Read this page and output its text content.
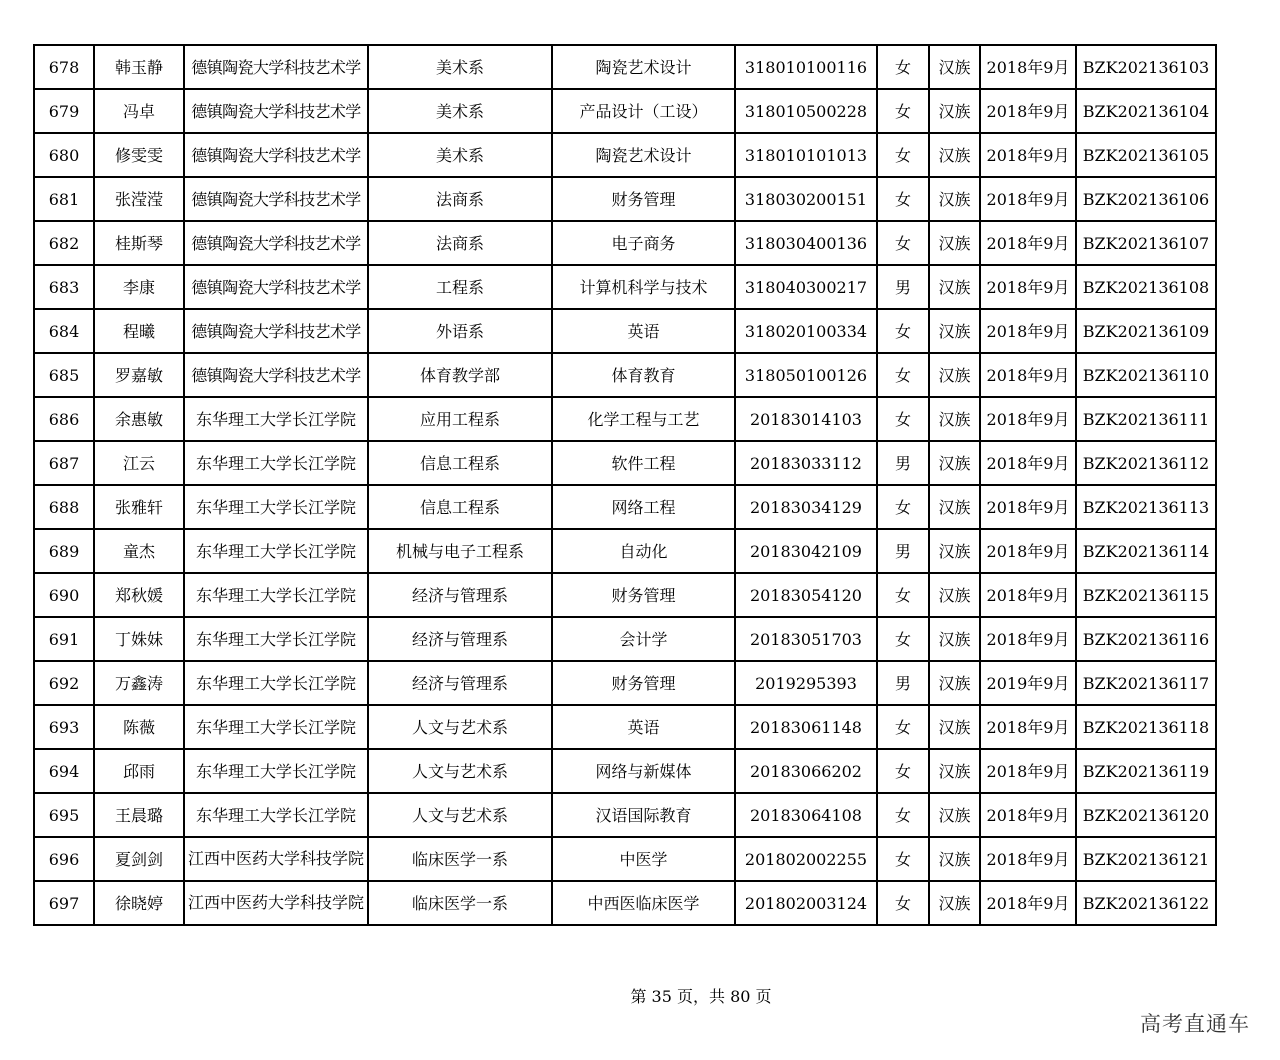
678	韩玉静	德镇陶瓷大学科技艺术学	美术系	陶瓷艺术设计	318010100116	女	汉族	2018年9月	BZK202136103
679	冯卓	德镇陶瓷大学科技艺术学	美术系	产品设计（工设）	318010500228	女	汉族	2018年9月	BZK202136104
680	修雯雯	德镇陶瓷大学科技艺术学	美术系	陶瓷艺术设计	318010101013	女	汉族	2018年9月	BZK202136105
681	张滢滢	德镇陶瓷大学科技艺术学	法商系	财务管理	318030200151	女	汉族	2018年9月	BZK202136106
682	桂斯琴	德镇陶瓷大学科技艺术学	法商系	电子商务	318030400136	女	汉族	2018年9月	BZK202136107
683	李康	德镇陶瓷大学科技艺术学	工程系	计算机科学与技术	318040300217	男	汉族	2018年9月	BZK202136108
684	程曦	德镇陶瓷大学科技艺术学	外语系	英语	318020100334	女	汉族	2018年9月	BZK202136109
685	罗嘉敏	德镇陶瓷大学科技艺术学	体育教学部	体育教育	318050100126	女	汉族	2018年9月	BZK202136110
686	余惠敏	东华理工大学长江学院	应用工程系	化学工程与工艺	20183014103	女	汉族	2018年9月	BZK202136111
687	江云	东华理工大学长江学院	信息工程系	软件工程	20183033112	男	汉族	2018年9月	BZK202136112
688	张雅轩	东华理工大学长江学院	信息工程系	网络工程	20183034129	女	汉族	2018年9月	BZK202136113
689	童杰	东华理工大学长江学院	机械与电子工程系	自动化	20183042109	男	汉族	2018年9月	BZK202136114
690	郑秋媛	东华理工大学长江学院	经济与管理系	财务管理	20183054120	女	汉族	2018年9月	BZK202136115
691	丁姝妹	东华理工大学长江学院	经济与管理系	会计学	20183051703	女	汉族	2018年9月	BZK202136116
692	万鑫涛	东华理工大学长江学院	经济与管理系	财务管理	2019295393	男	汉族	2019年9月	BZK202136117
693	陈薇	东华理工大学长江学院	人文与艺术系	英语	20183061148	女	汉族	2018年9月	BZK202136118
694	邱雨	东华理工大学长江学院	人文与艺术系	网络与新媒体	20183066202	女	汉族	2018年9月	BZK202136119
695	王晨璐	东华理工大学长江学院	人文与艺术系	汉语国际教育	20183064108	女	汉族	2018年9月	BZK202136120
696	夏剑剑	江西中医药大学科技学院	临床医学一系	中医学	201802002255	女	汉族	2018年9月	BZK202136121
697	徐晓婷	江西中医药大学科技学院	临床医学一系	中西医临床医学	201802003124	女	汉族	2018年9月	BZK202136122
第 35 页，共 80 页
高考直通车
